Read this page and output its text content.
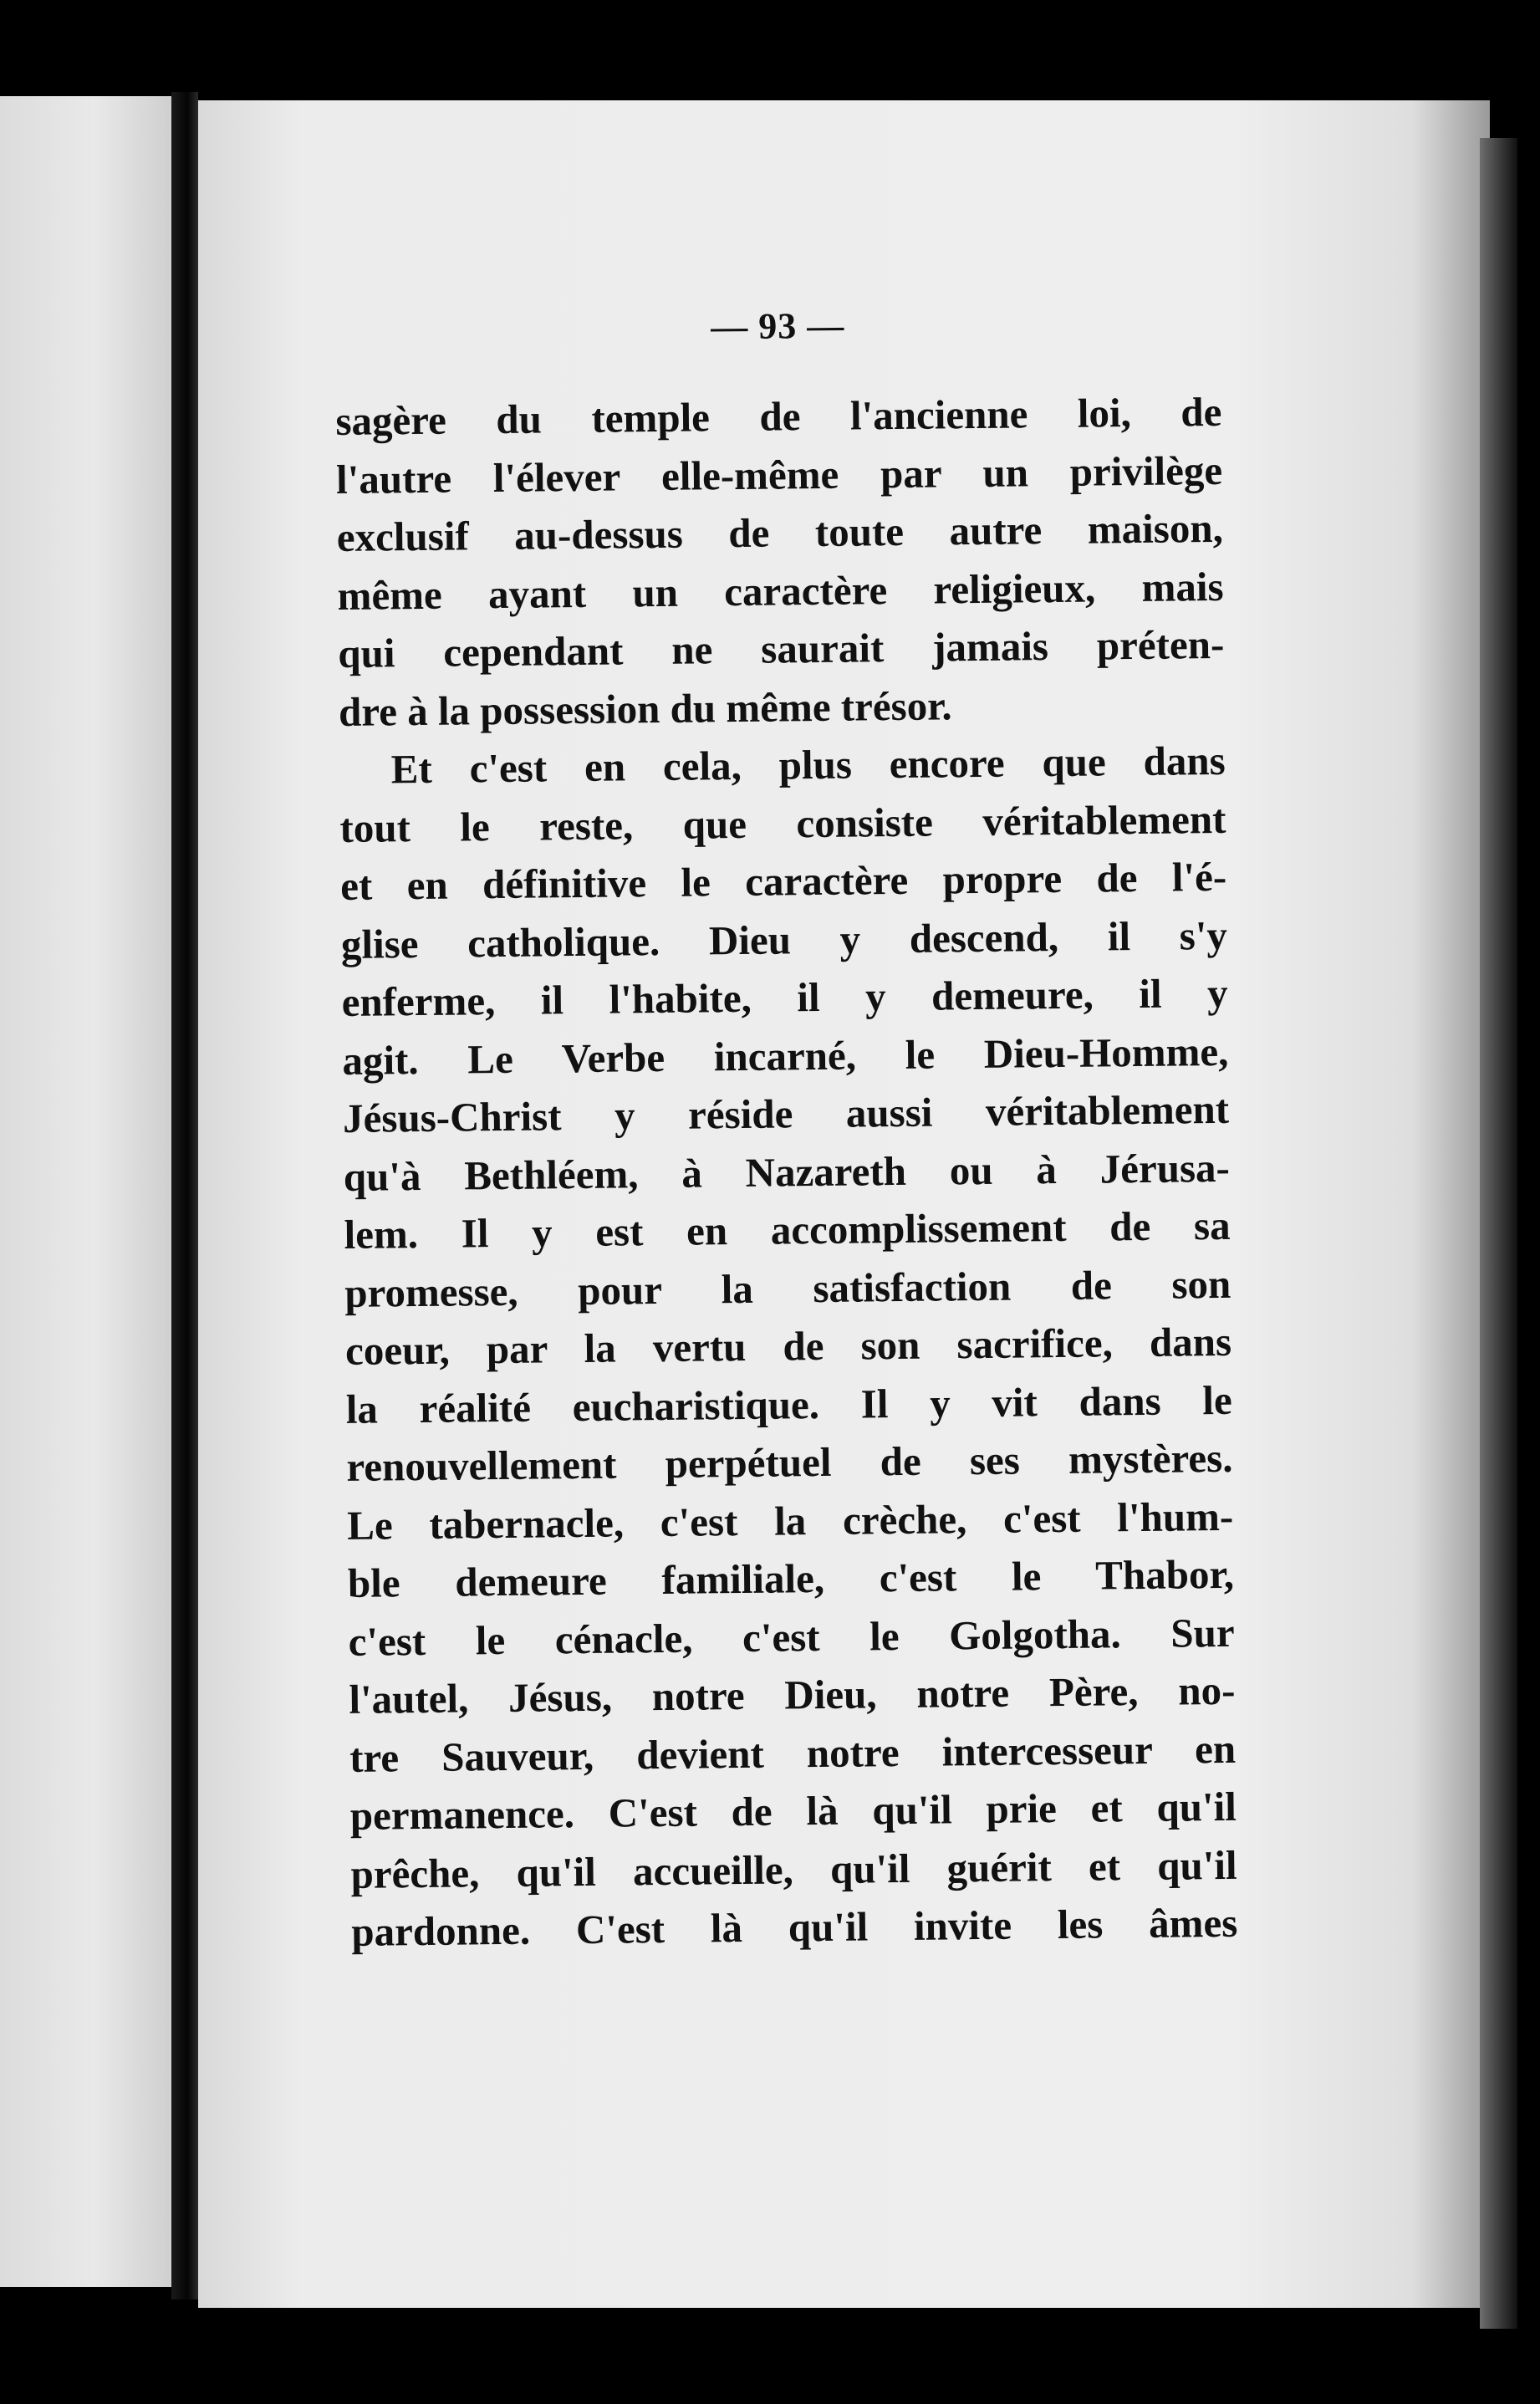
— 93 —
sagère du temple de l'ancienne loi, de
l'autre l'élever elle-même par un privilège
exclusif au-dessus de toute autre maison,
même ayant un caractère religieux, mais
qui cependant ne saurait jamais préten-
dre à la possession du même trésor.
Et c'est en cela, plus encore que dans
tout le reste, que consiste véritablement
et en définitive le caractère propre de l'é-
glise catholique. Dieu y descend, il s'y
enferme, il l'habite, il y demeure, il y
agit. Le Verbe incarné, le Dieu-Homme,
Jésus-Christ y réside aussi véritablement
qu'à Bethléem, à Nazareth ou à Jérusa-
lem. Il y est en accomplissement de sa
promesse, pour la satisfaction de son
coeur, par la vertu de son sacrifice, dans
la réalité eucharistique. Il y vit dans le
renouvellement perpétuel de ses mystères.
Le tabernacle, c'est la crèche, c'est l'hum-
ble demeure familiale, c'est le Thabor,
c'est le cénacle, c'est le Golgotha. Sur
l'autel, Jésus, notre Dieu, notre Père, no-
tre Sauveur, devient notre intercesseur en
permanence. C'est de là qu'il prie et qu'il
prêche, qu'il accueille, qu'il guérit et qu'il
pardonne. C'est là qu'il invite les âmes
